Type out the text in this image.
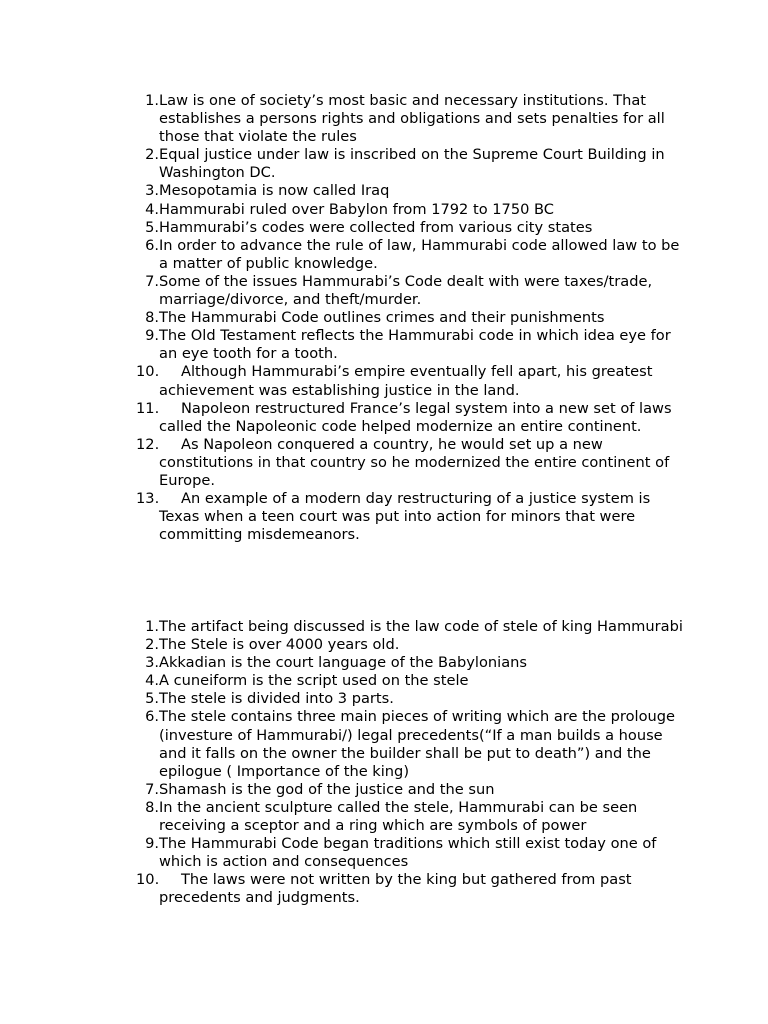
1. Law is one of society’s most basic and necessary institutions. That establishes a persons rights and obligations and sets penalties for all those that violate the rules
2. Equal justice under law is inscribed on the Supreme Court Building in Washington DC.
3. Mesopotamia is now called Iraq
4. Hammurabi ruled over Babylon from 1792 to 1750 BC
5. Hammurabi’s codes were collected from various city states
6. In order to advance the rule of law, Hammurabi code allowed law to be a matter of public knowledge.
7. Some of the issues Hammurabi’s Code dealt with were taxes/trade, marriage/divorce, and theft/murder.
8. The Hammurabi Code outlines crimes and their punishments
9. The Old Testament reflects the Hammurabi code in which idea eye for an eye tooth for a tooth.
10.	Although Hammurabi’s empire eventually fell apart, his greatest achievement was establishing justice in the land.
11.	Napoleon restructured France’s legal system into a new set of laws called the Napoleonic code helped modernize an entire continent.
12.	As Napoleon conquered a country, he would set up a new constitutions in that country so he modernized the entire continent of Europe.
13.	An example of a modern day restructuring of a justice system is Texas when a teen court was put into action for minors that were committing misdemeanors.
1. The artifact being discussed is the law code of stele of king Hammurabi
2. The Stele is over 4000 years old.
3. Akkadian is the court language of the Babylonians
4. A cuneiform is the script used on the stele
5. The stele is divided into 3 parts.
6. The stele contains three main pieces of writing which are the prolouge (investure of Hammurabi/) legal precedents(“If a man builds a house and it falls on the owner the builder shall be put to death”) and the epilogue ( Importance of the king)
7. Shamash is the god of the justice and the sun
8. In the ancient sculpture called the stele, Hammurabi can be seen receiving a sceptor and a ring which are symbols of power
9. The Hammurabi Code began traditions which still exist today one of which is action and consequences
10.	The laws were not written by the king but gathered from past precedents and judgments.
